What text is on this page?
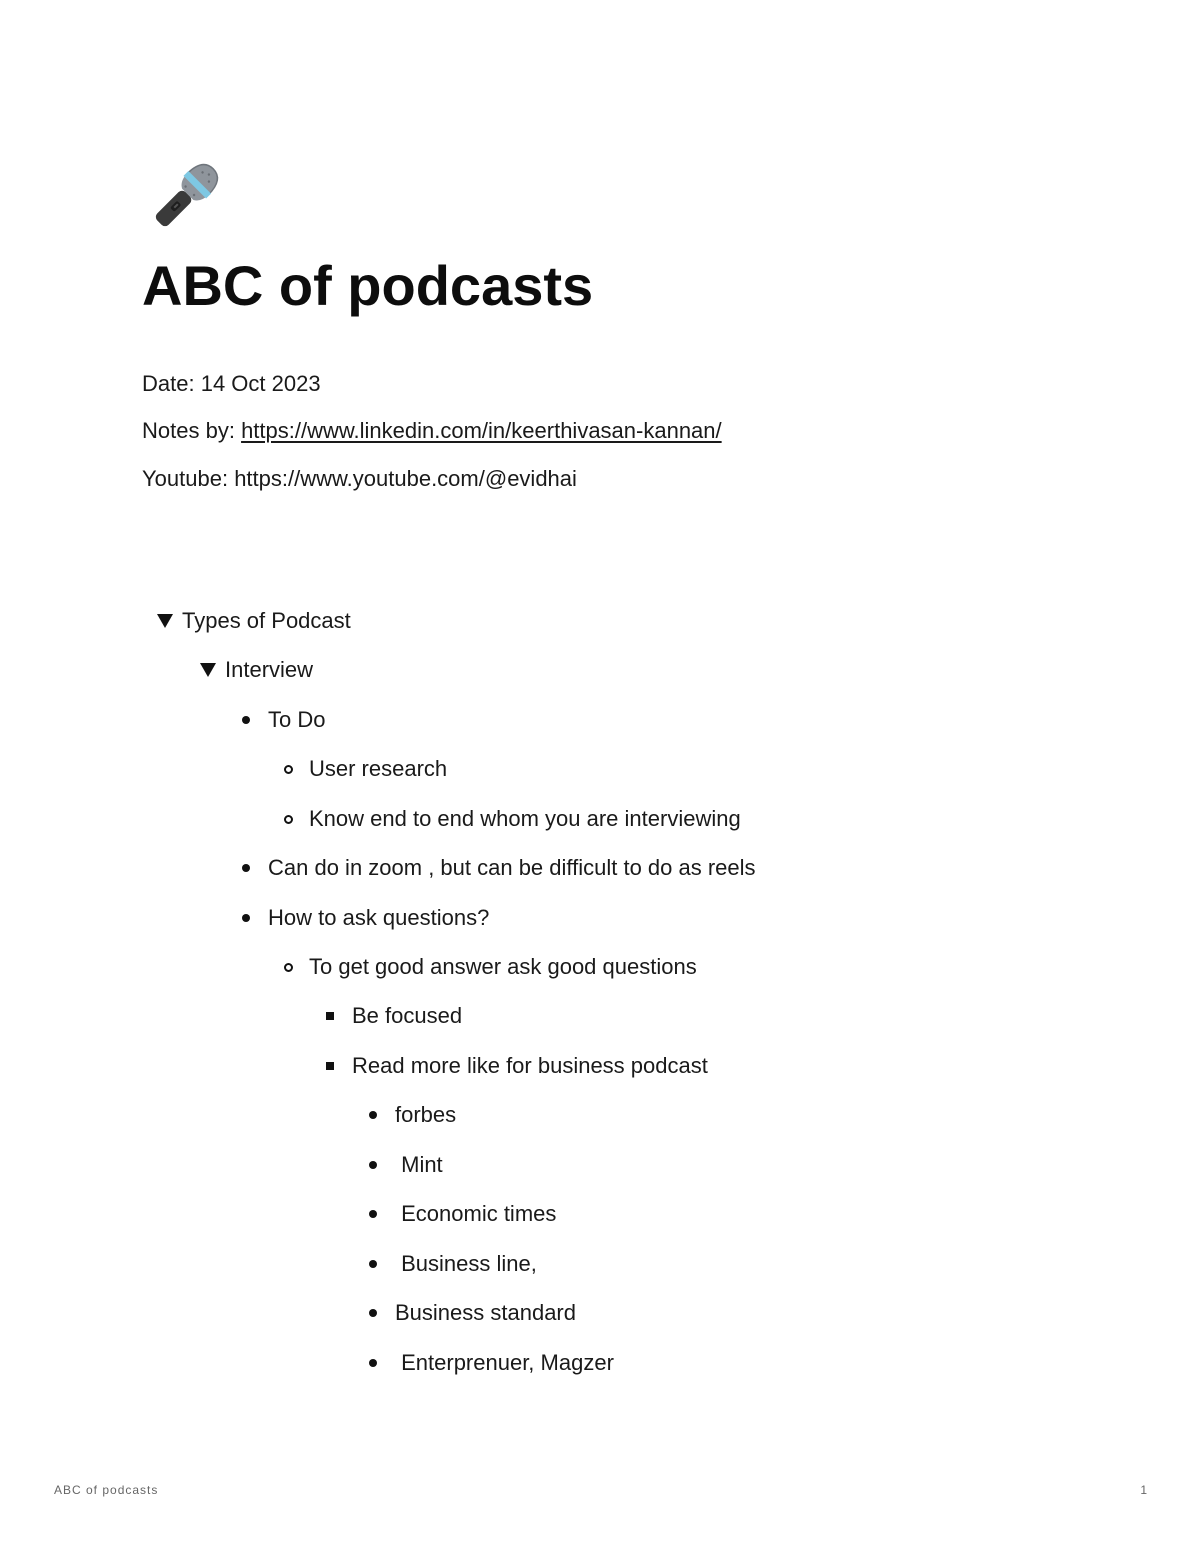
ABC of podcasts
Date: 14 Oct 2023
Notes by: https://www.linkedin.com/in/keerthivasan-kannan/
Youtube: https://www.youtube.com/@evidhai
Types of Podcast
Interview
To Do
User research
Know end to end whom you are interviewing
Can do in zoom , but can be difficult to do as reels
How to ask questions?
To get good answer ask good questions
Be focused
Read more like for business podcast
forbes
Mint
Economic times
Business line,
Business standard
Enterprenuer, Magzer
ABC of podcasts	1
